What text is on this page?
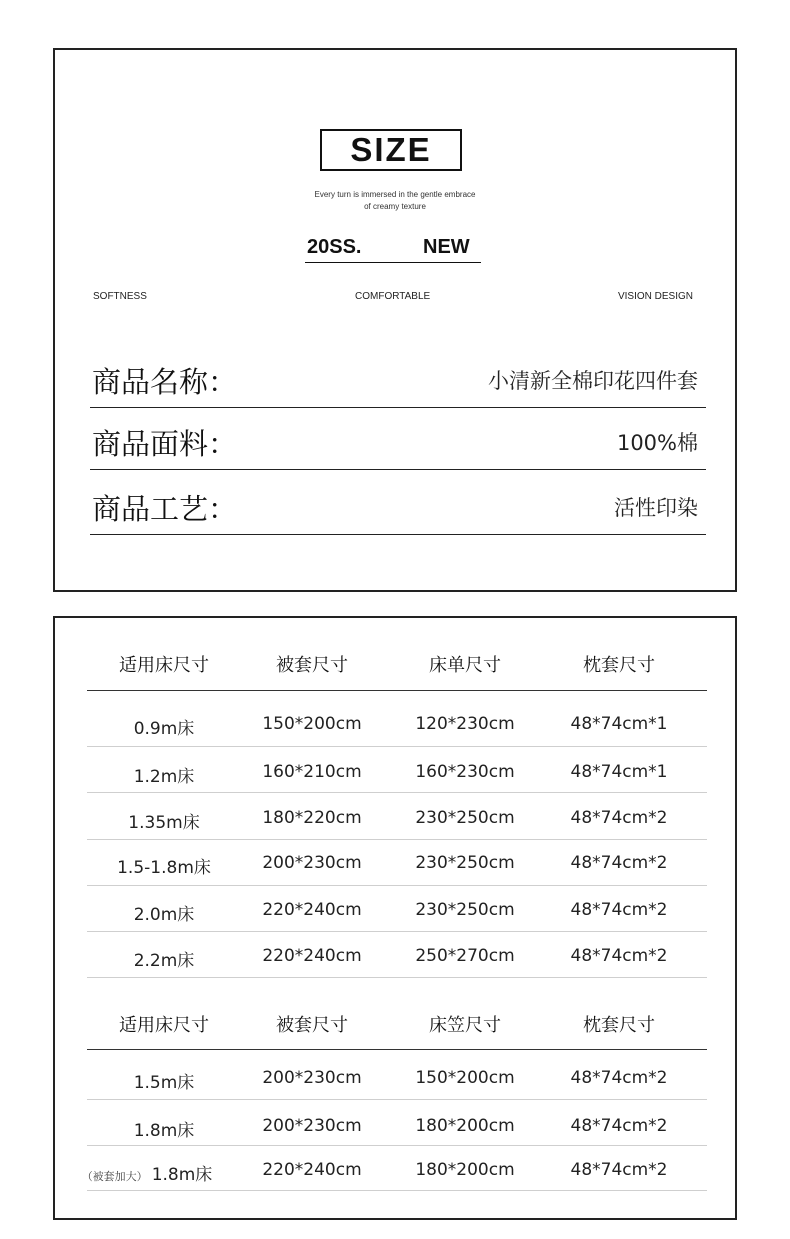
SIZE
Every turn is immersed in the gentle embrace
of creamy texture
20SS.	NEW
SOFTNESS	COMFORTABLE	VISION DESIGN
商品名称：	小清新全棉印花四件套
商品面料：	100%棉
商品工艺：	活性印染
适用床尺寸	被套尺寸	床单尺寸	枕套尺寸
0.9m床	150*200cm	120*230cm	48*74cm*1
1.2m床	160*210cm	160*230cm	48*74cm*1
1.35m床	180*220cm	230*250cm	48*74cm*2
1.5-1.8m床	200*230cm	230*250cm	48*74cm*2
2.0m床	220*240cm	230*250cm	48*74cm*2
2.2m床	220*240cm	250*270cm	48*74cm*2
适用床尺寸	被套尺寸	床笠尺寸	枕套尺寸
1.5m床	200*230cm	150*200cm	48*74cm*2
1.8m床	200*230cm	180*200cm	48*74cm*2
（被套加大） 1.8m床	220*240cm	180*200cm	48*74cm*2
